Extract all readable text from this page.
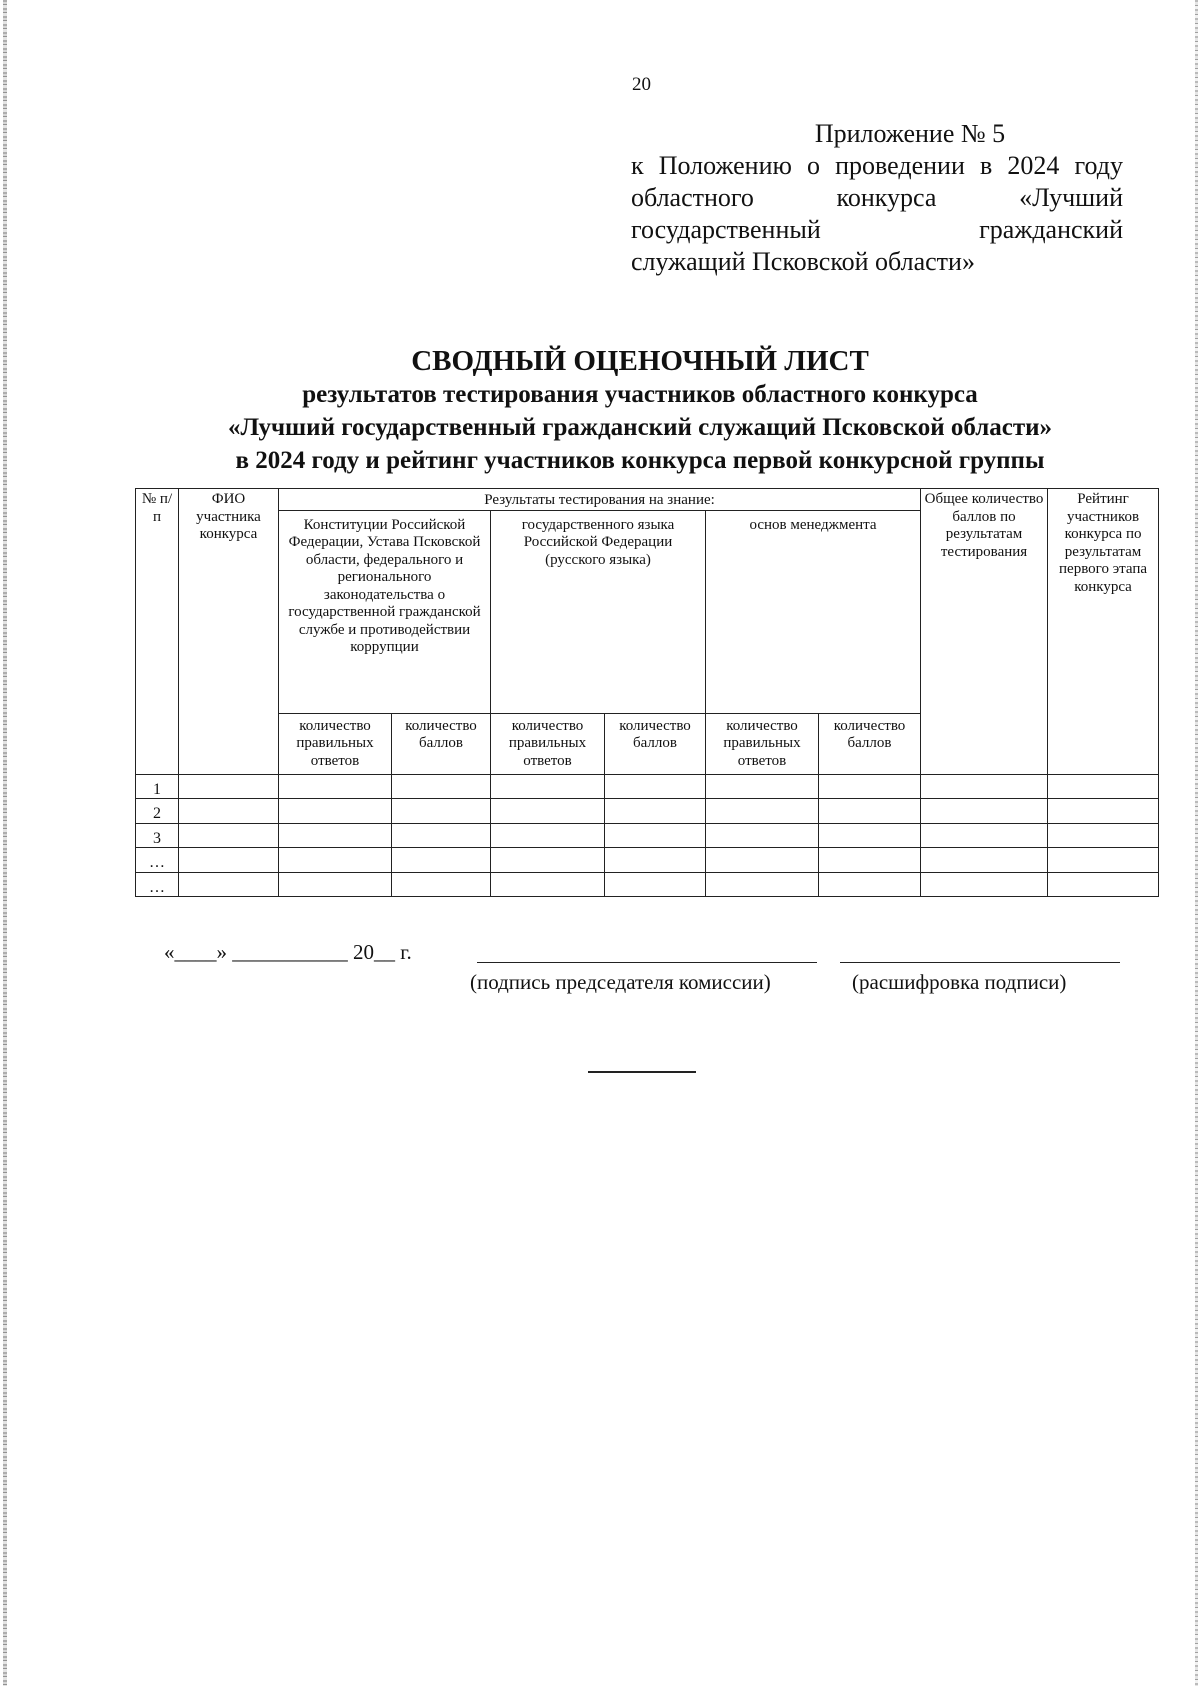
20
Приложение № 5
к Положению о проведении в 2024 году
областного конкурса «Лучший
государственный гражданский
служащий Псковской области»
СВОДНЫЙ ОЦЕНОЧНЫЙ ЛИСТ
результатов тестирования участников областного конкурса
«Лучший государственный гражданский служащий Псковской области»
в 2024 году и рейтинг участников конкурса первой конкурсной группы
№ п/п	ФИО участника конкурса	Результаты тестирования на знание:						Общее количество баллов по результатам тестирования	Рейтинг участников конкурса по результатам первого этапа конкурса
		Конституции Российской Федерации, Устава Псковской области, федерального и регионального законодательства о государственной гражданской службе и противодействии коррупции		государственного языка Российской Федерации (русского языка)		основ менеджмента			
		количество правильных ответов	количество баллов	количество правильных ответов	количество баллов	количество правильных ответов	количество баллов		
1									
2									
3									
…									
…									
«____» ___________ 20__ г.
(подпись председателя комиссии)	(расшифровка подписи)
